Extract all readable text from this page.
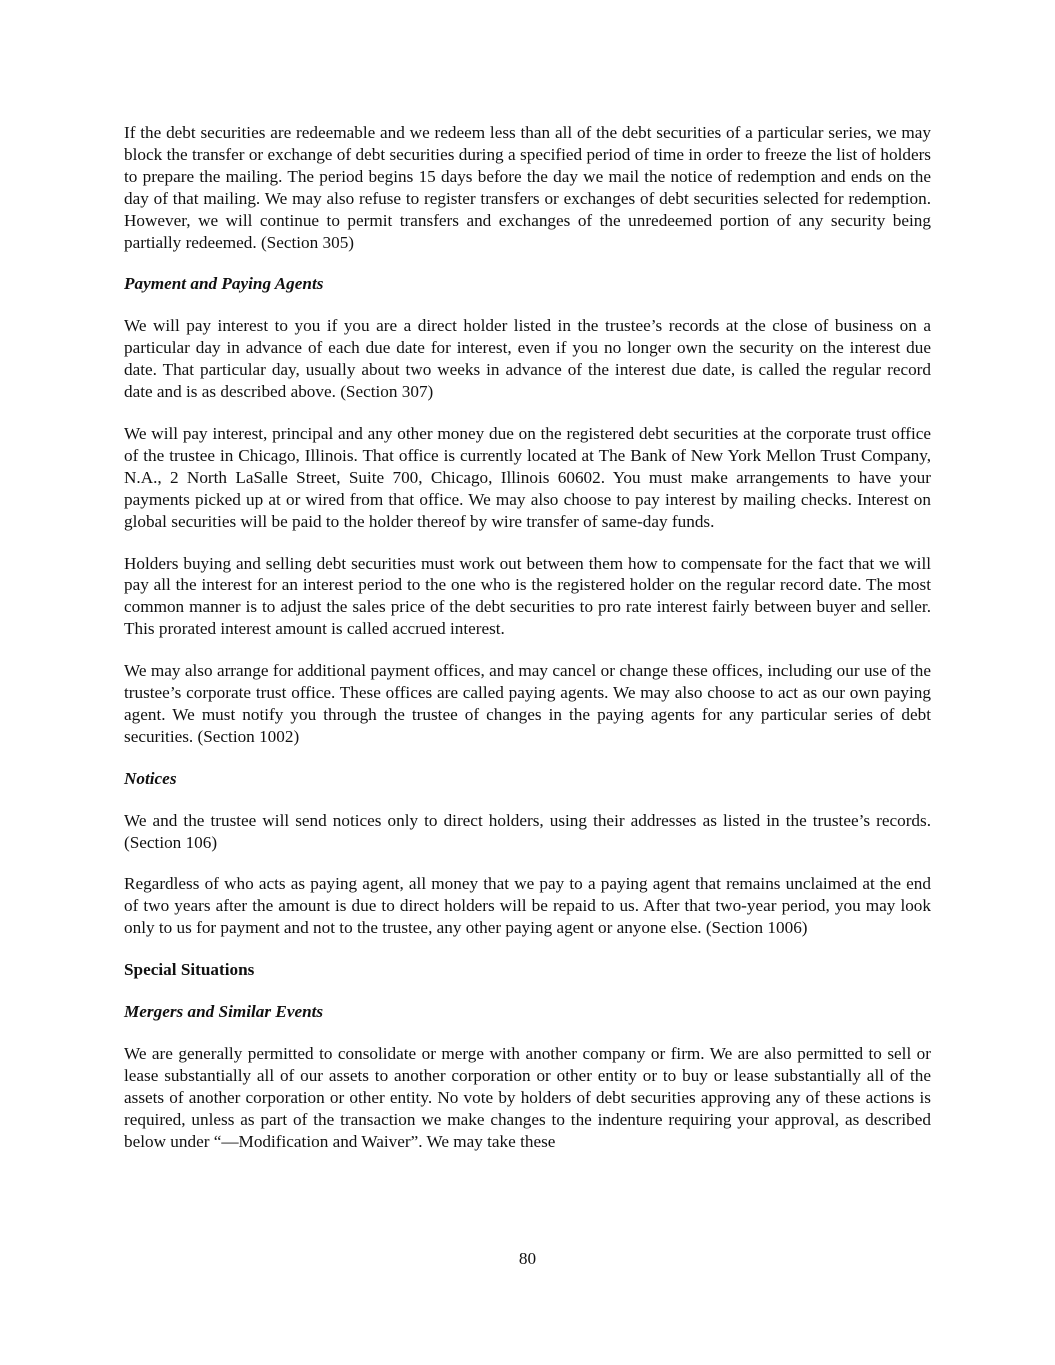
If the debt securities are redeemable and we redeem less than all of the debt securities of a particular series, we may block the transfer or exchange of debt securities during a specified period of time in order to freeze the list of holders to prepare the mailing. The period begins 15 days before the day we mail the notice of redemption and ends on the day of that mailing. We may also refuse to register transfers or exchanges of debt securities selected for redemption. However, we will continue to permit transfers and exchanges of the unredeemed portion of any security being partially redeemed. (Section 305)

Payment and Paying Agents

We will pay interest to you if you are a direct holder listed in the trustee’s records at the close of business on a particular day in advance of each due date for interest, even if you no longer own the security on the interest due date. That particular day, usually about two weeks in advance of the interest due date, is called the regular record date and is as described above. (Section 307)

We will pay interest, principal and any other money due on the registered debt securities at the corporate trust office of the trustee in Chicago, Illinois. That office is currently located at The Bank of New York Mellon Trust Company, N.A., 2 North LaSalle Street, Suite 700, Chicago, Illinois 60602. You must make arrangements to have your payments picked up at or wired from that office. We may also choose to pay interest by mailing checks. Interest on global securities will be paid to the holder thereof by wire transfer of same-day funds.

Holders buying and selling debt securities must work out between them how to compensate for the fact that we will pay all the interest for an interest period to the one who is the registered holder on the regular record date. The most common manner is to adjust the sales price of the debt securities to pro rate interest fairly between buyer and seller. This prorated interest amount is called accrued interest.

We may also arrange for additional payment offices, and may cancel or change these offices, including our use of the trustee’s corporate trust office. These offices are called paying agents. We may also choose to act as our own paying agent. We must notify you through the trustee of changes in the paying agents for any particular series of debt securities. (Section 1002)

Notices

We and the trustee will send notices only to direct holders, using their addresses as listed in the trustee’s records. (Section 106)

Regardless of who acts as paying agent, all money that we pay to a paying agent that remains unclaimed at the end of two years after the amount is due to direct holders will be repaid to us. After that two-year period, you may look only to us for payment and not to the trustee, any other paying agent or anyone else. (Section 1006)

Special Situations

Mergers and Similar Events

We are generally permitted to consolidate or merge with another company or firm. We are also permitted to sell or lease substantially all of our assets to another corporation or other entity or to buy or lease substantially all of the assets of another corporation or other entity. No vote by holders of debt securities approving any of these actions is required, unless as part of the transaction we make changes to the indenture requiring your approval, as described below under “—Modification and Waiver”. We may take these

80
